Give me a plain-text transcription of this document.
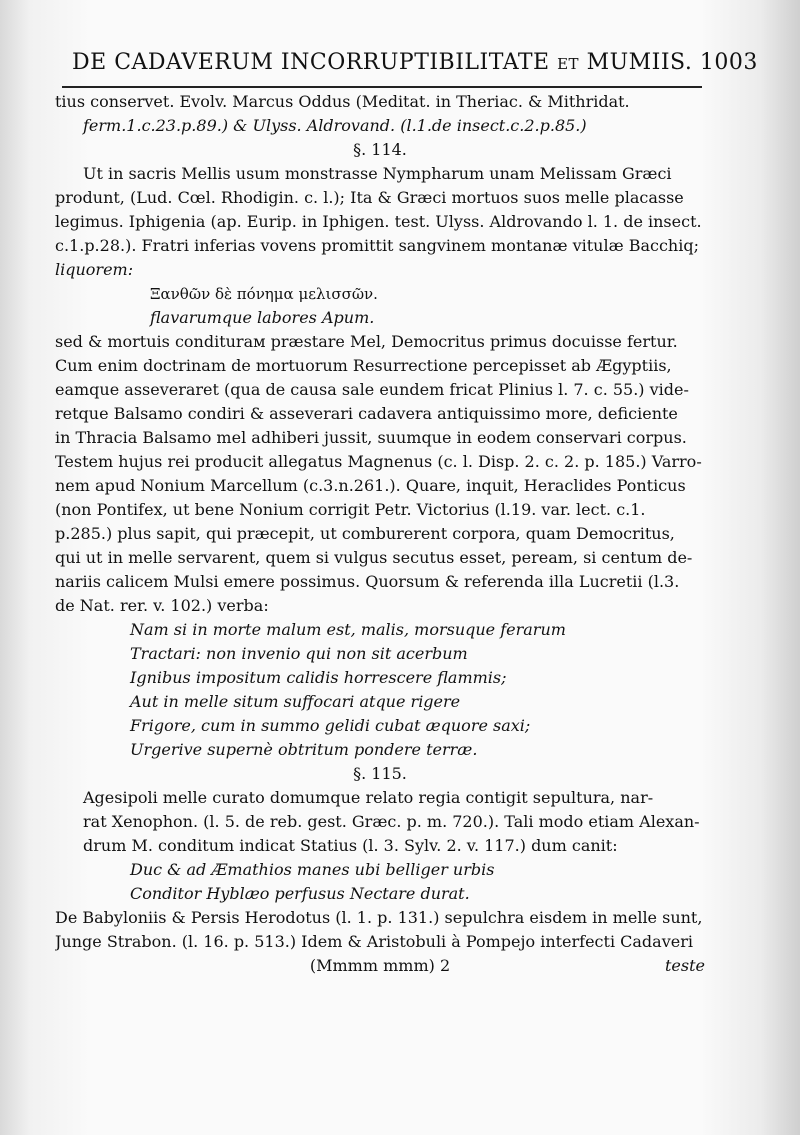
DE CADAVERUM INCORRUPTIBILITATE ET MUMIIS. 1003
tius conservet. Evolv. Marcus Oddus (Meditat. in Theriac. & Mithridat.
ferm.1.c.23.p.89.) & Ulyss. Aldrovand. (l.1.de insect.c.2.p.85.)
§. 114.
Ut in sacris Mellis usum monstrasse Nympharum unam Melissam Græci
produnt, (Lud. Cœl. Rhodigin. c. l.); Ita & Græci mortuos suos melle placasse
legimus. Iphigenia (ap. Eurip. in Iphigen. test. Ulyss. Aldrovando l. 1. de insect.
c.1.p.28.). Fratri inferias vovens promittit sangvinem montanæ vitulæ Bacchiq;
liquorem:
Ξανθῶν δὲ πόνημα μελισσῶν.
flavarumque labores Apum.
sed & mortuis conditurам præstare Mel, Democritus primus docuisse fertur.
Cum enim doctrinam de mortuorum Resurrectione percepisset ab Ægyptiis,
eamque asseveraret (qua de causa sale eundem fricat Plinius l. 7. c. 55.) vide-
retque Balsamo condiri & asseverari cadavera antiquissimo more, deficiente
in Thracia Balsamo mel adhiberi jussit, suumque in eodem conservari corpus.
Testem hujus rei producit allegatus Magnenus (c. l. Disp. 2. c. 2. p. 185.) Varro-
nem apud Nonium Marcellum (c.3.n.261.). Quare, inquit, Heraclides Ponticus
(non Pontifex, ut bene Nonium corrigit Petr. Victorius (l.19. var. lect. c.1.
p.285.) plus sapit, qui præcepit, ut comburerent corpora, quam Democritus,
qui ut in melle servarent, quem si vulgus secutus esset, peream, si centum de-
nariis calicem Mulsi emere possimus. Quorsum & referenda illa Lucretii (l.3.
de Nat. rer. v. 102.) verba:
Nam si in morte malum est, malis, morsuque ferarum
Tractari: non invenio qui non sit acerbum
Ignibus impositum calidis horrescere flammis;
Aut in melle situm suffocari atque rigere
Frigore, cum in summo gelidi cubat æquore saxi;
Urgerive supernè obtritum pondere terræ.
§. 115.
Agesipoli melle curato domumque relato regia contigit sepultura, nar-
rat Xenophon. (l. 5. de reb. gest. Græc. p. m. 720.). Tali modo etiam Alexan-
drum M. conditum indicat Statius (l. 3. Sylv. 2. v. 117.) dum canit:
Duc & ad Æmathios manes ubi belliger urbis
Conditor Hyblæo perfusus Nectare durat.
De Babyloniis & Persis Herodotus (l. 1. p. 131.) sepulchra eisdem in melle sunt,
Junge Strabon. (l. 16. p. 513.) Idem & Aristobuli à Pompejo interfecti Cadaveri
(Mmmm mmm) 2	teste
